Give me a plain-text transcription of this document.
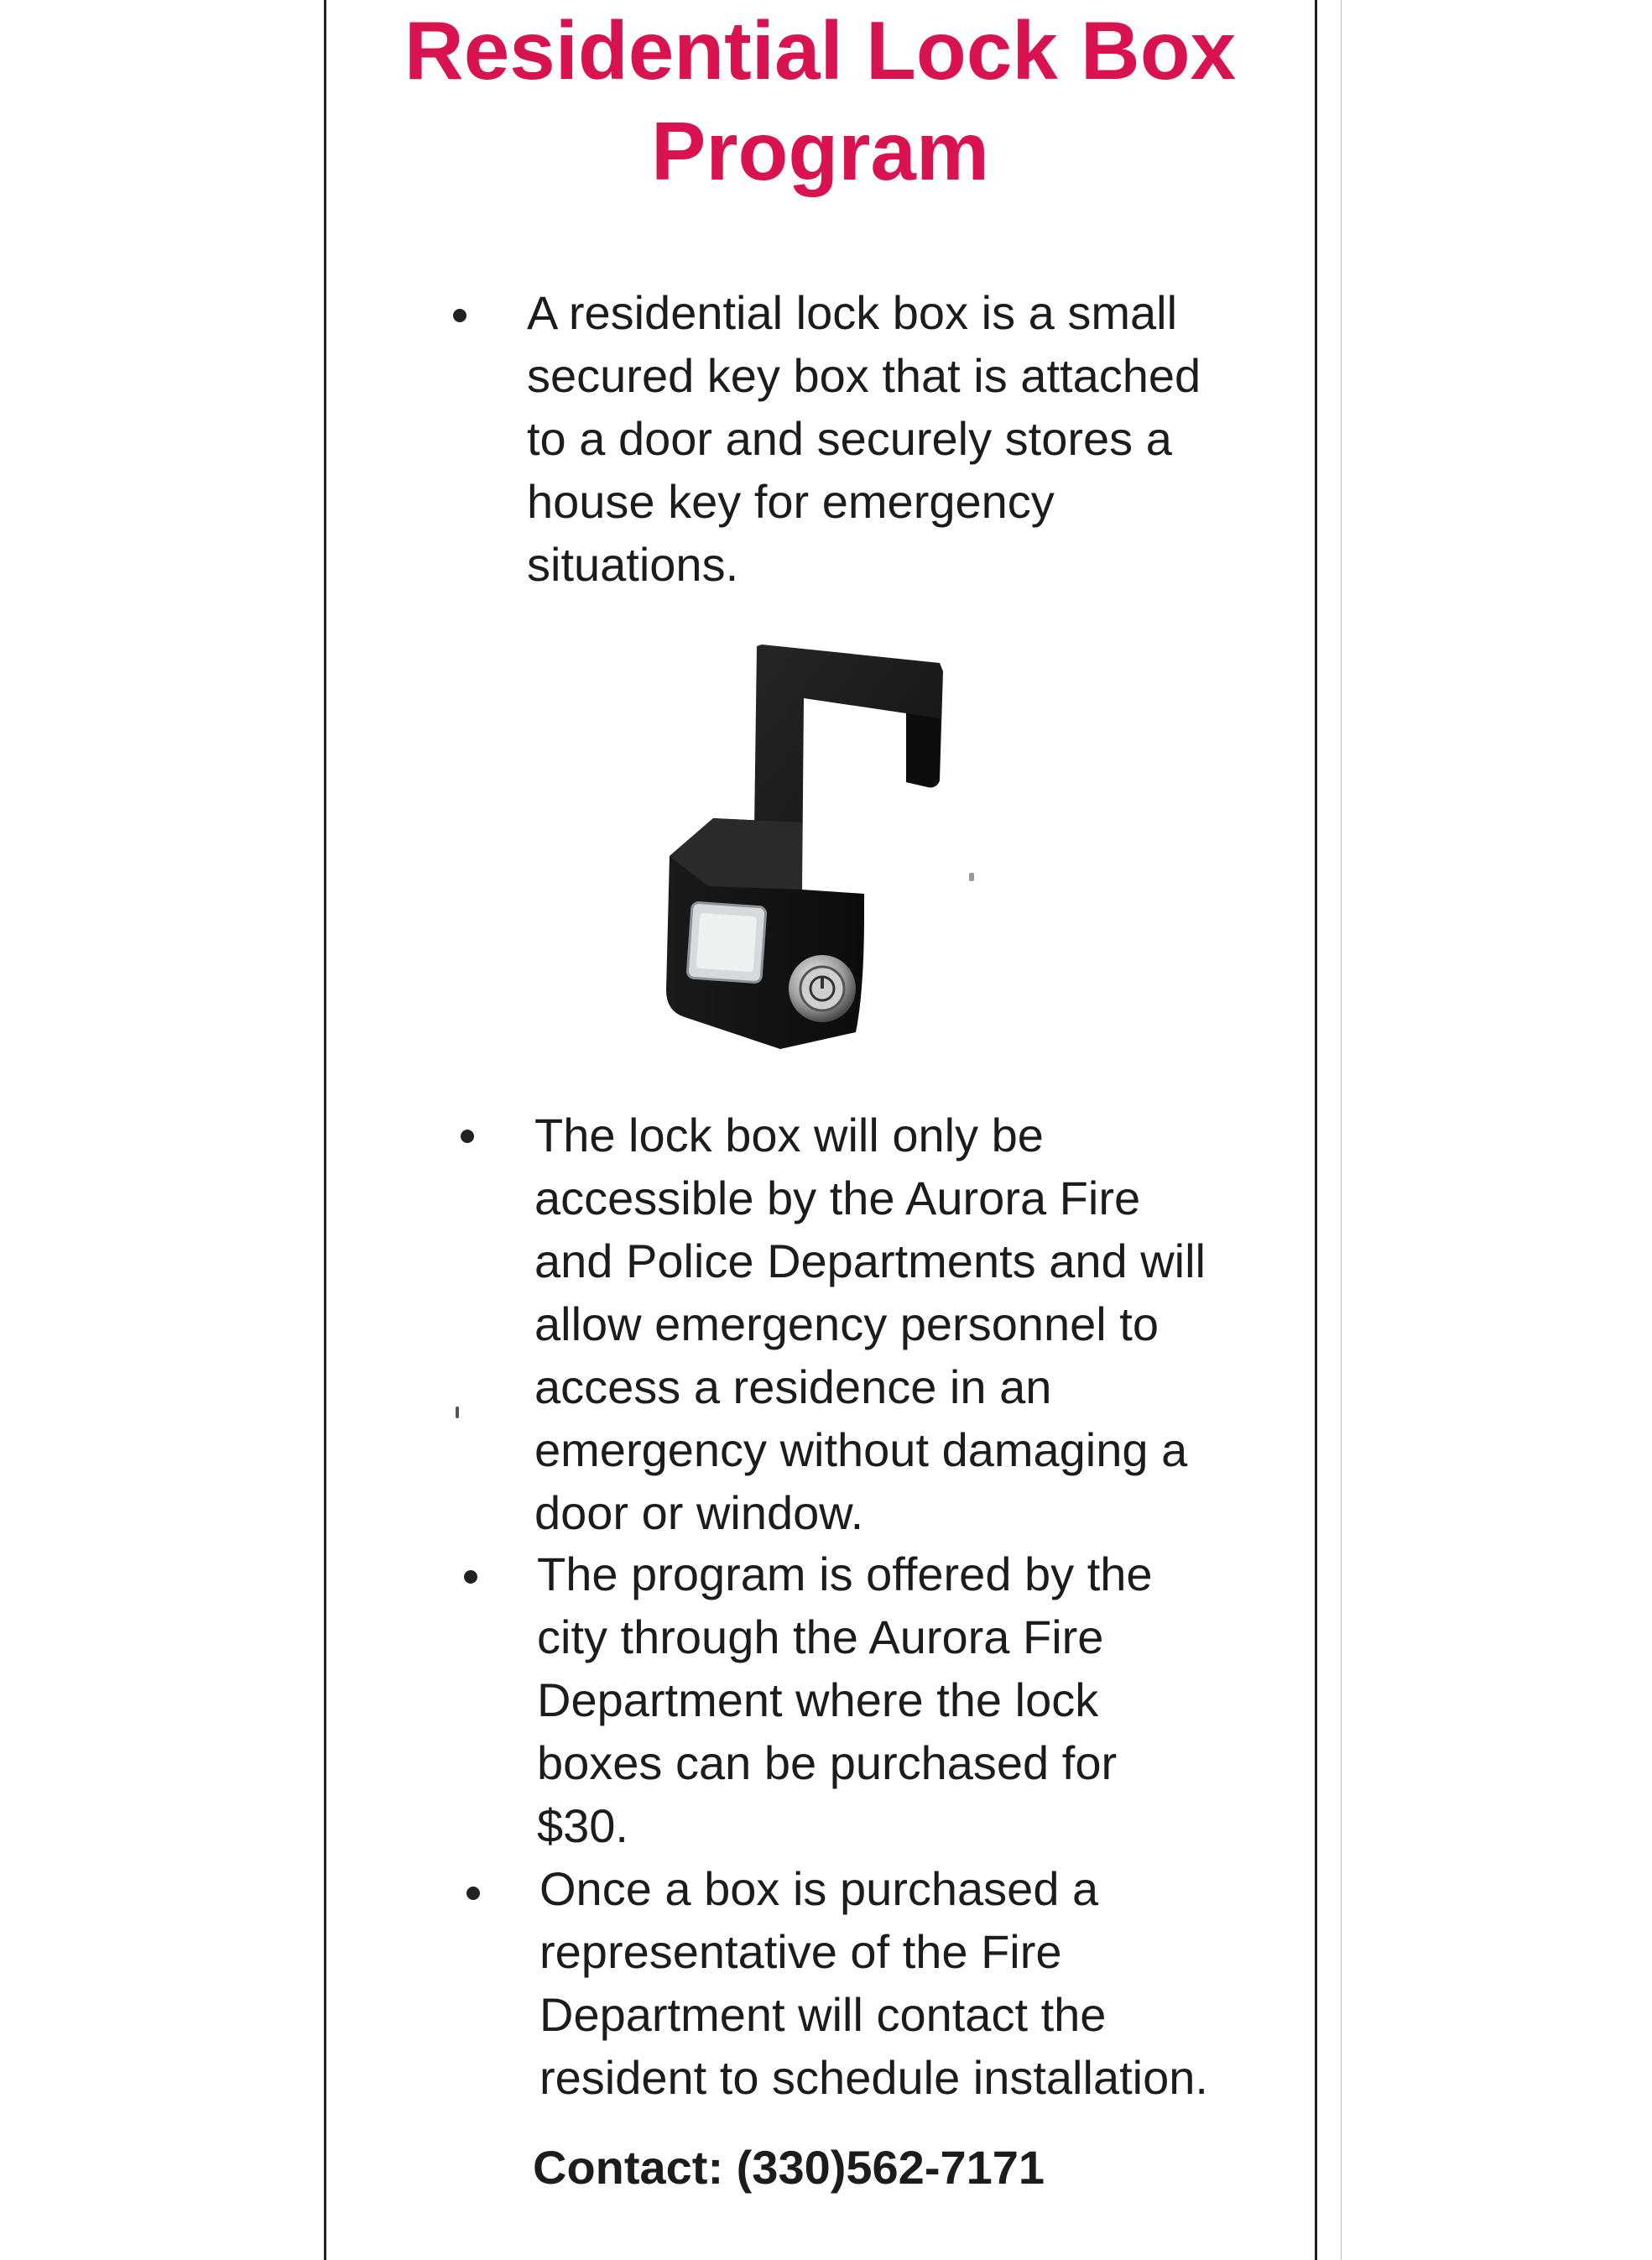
Residential Lock Box
Program
A residential lock box is a small
secured key box that is attached
to a door and securely stores a
house key for emergency
situations.
The lock box will only be
accessible by the Aurora Fire
and Police Departments and will
allow emergency personnel to
access a residence in an
emergency without damaging a
door or window.
The program is offered by the
city through the Aurora Fire
Department where the lock
boxes can be purchased for
$30.
Once a box is purchased a
representative of the Fire
Department will contact the
resident to schedule installation.
Contact: (330)562-7171
